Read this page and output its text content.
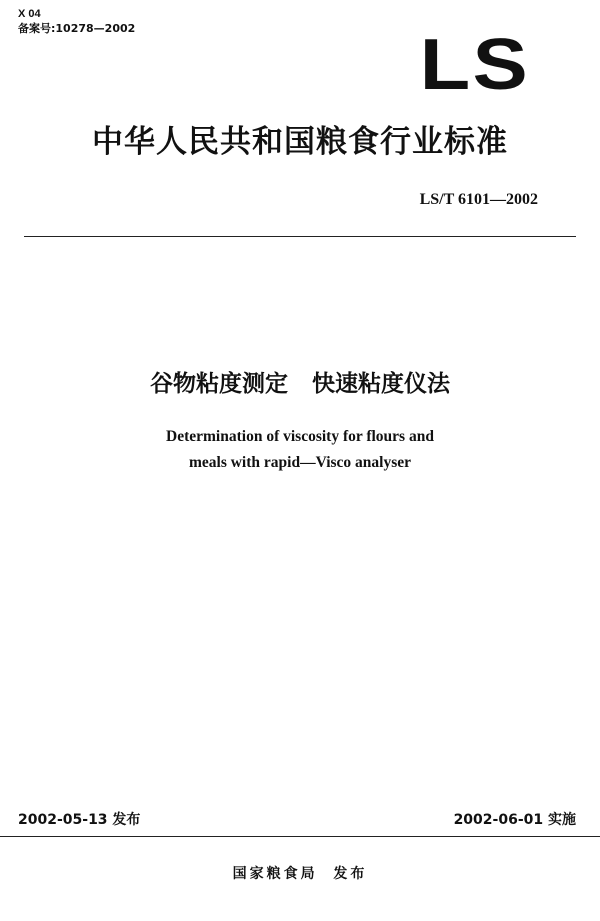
X 04
备案号:10278—2002	LS
中华人民共和国粮食行业标准
LS/T 6101—2002
谷物粘度测定   快速粘度仪法
Determination of viscosity for flours and
meals with rapid—Visco analyser
2002-05-13 发布	2002-06-01 实施
国家粮食局  发布
